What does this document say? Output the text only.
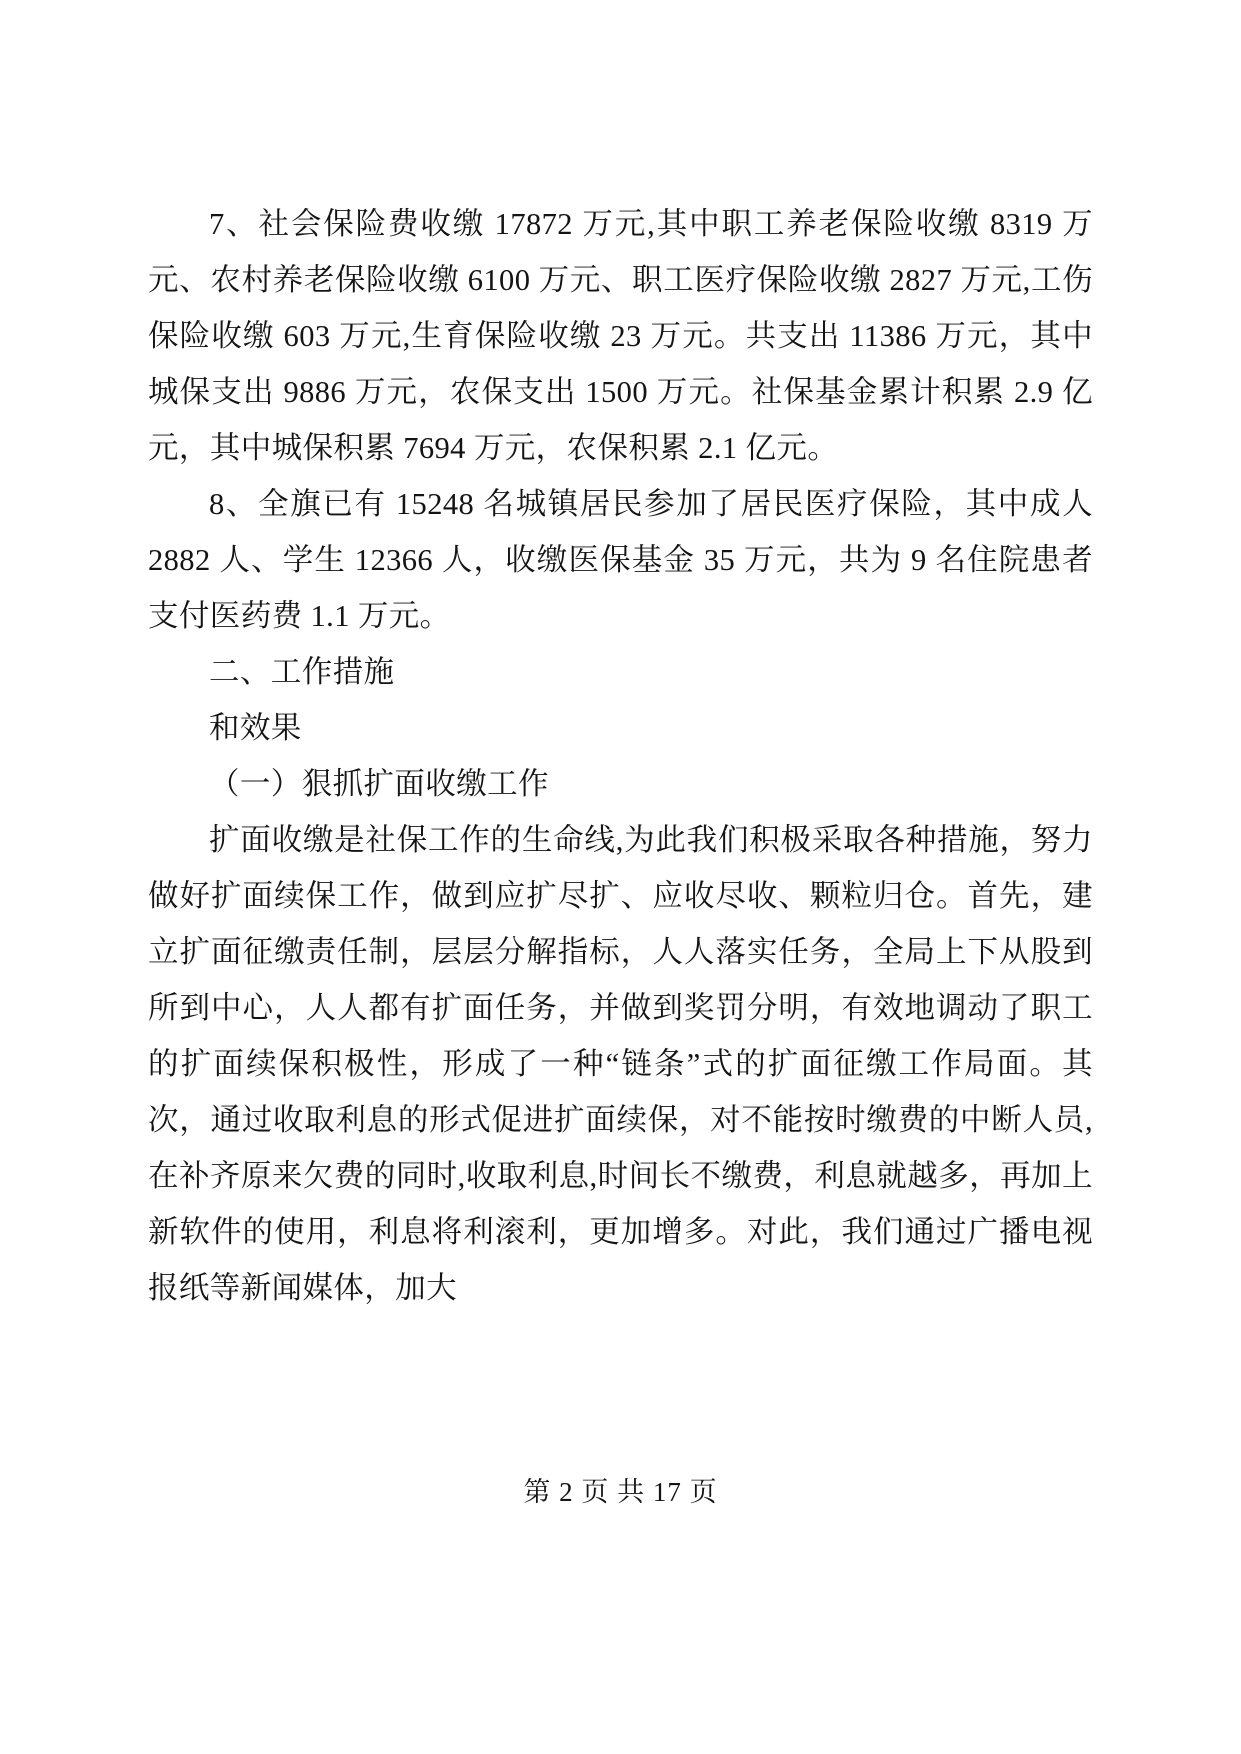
7、社会保险费收缴 17872 万元,其中职工养老保险收缴 8319 万元、农村养老保险收缴 6100 万元、职工医疗保险收缴 2827 万元,工伤保险收缴 603 万元,生育保险收缴 23 万元。共支出 11386 万元，其中城保支出 9886 万元，农保支出 1500 万元。社保基金累计积累 2.9 亿元，其中城保积累 7694 万元，农保积累 2.1 亿元。

8、全旗已有 15248 名城镇居民参加了居民医疗保险，其中成人 2882 人、学生 12366 人，收缴医保基金 35 万元，共为 9 名住院患者支付医药费 1.1 万元。

二、工作措施

和效果

（一）狠抓扩面收缴工作

扩面收缴是社保工作的生命线,为此我们积极采取各种措施，努力做好扩面续保工作，做到应扩尽扩、应收尽收、颗粒归仓。首先，建立扩面征缴责任制，层层分解指标，人人落实任务，全局上下从股到所到中心，人人都有扩面任务，并做到奖罚分明，有效地调动了职工的扩面续保积极性，形成了一种“链条”式的扩面征缴工作局面。其次，通过收取利息的形式促进扩面续保，对不能按时缴费的中断人员,在补齐原来欠费的同时,收取利息,时间长不缴费，利息就越多，再加上新软件的使用，利息将利滚利，更加增多。对此，我们通过广播电视报纸等新闻媒体，加大

第 2 页 共 17 页
